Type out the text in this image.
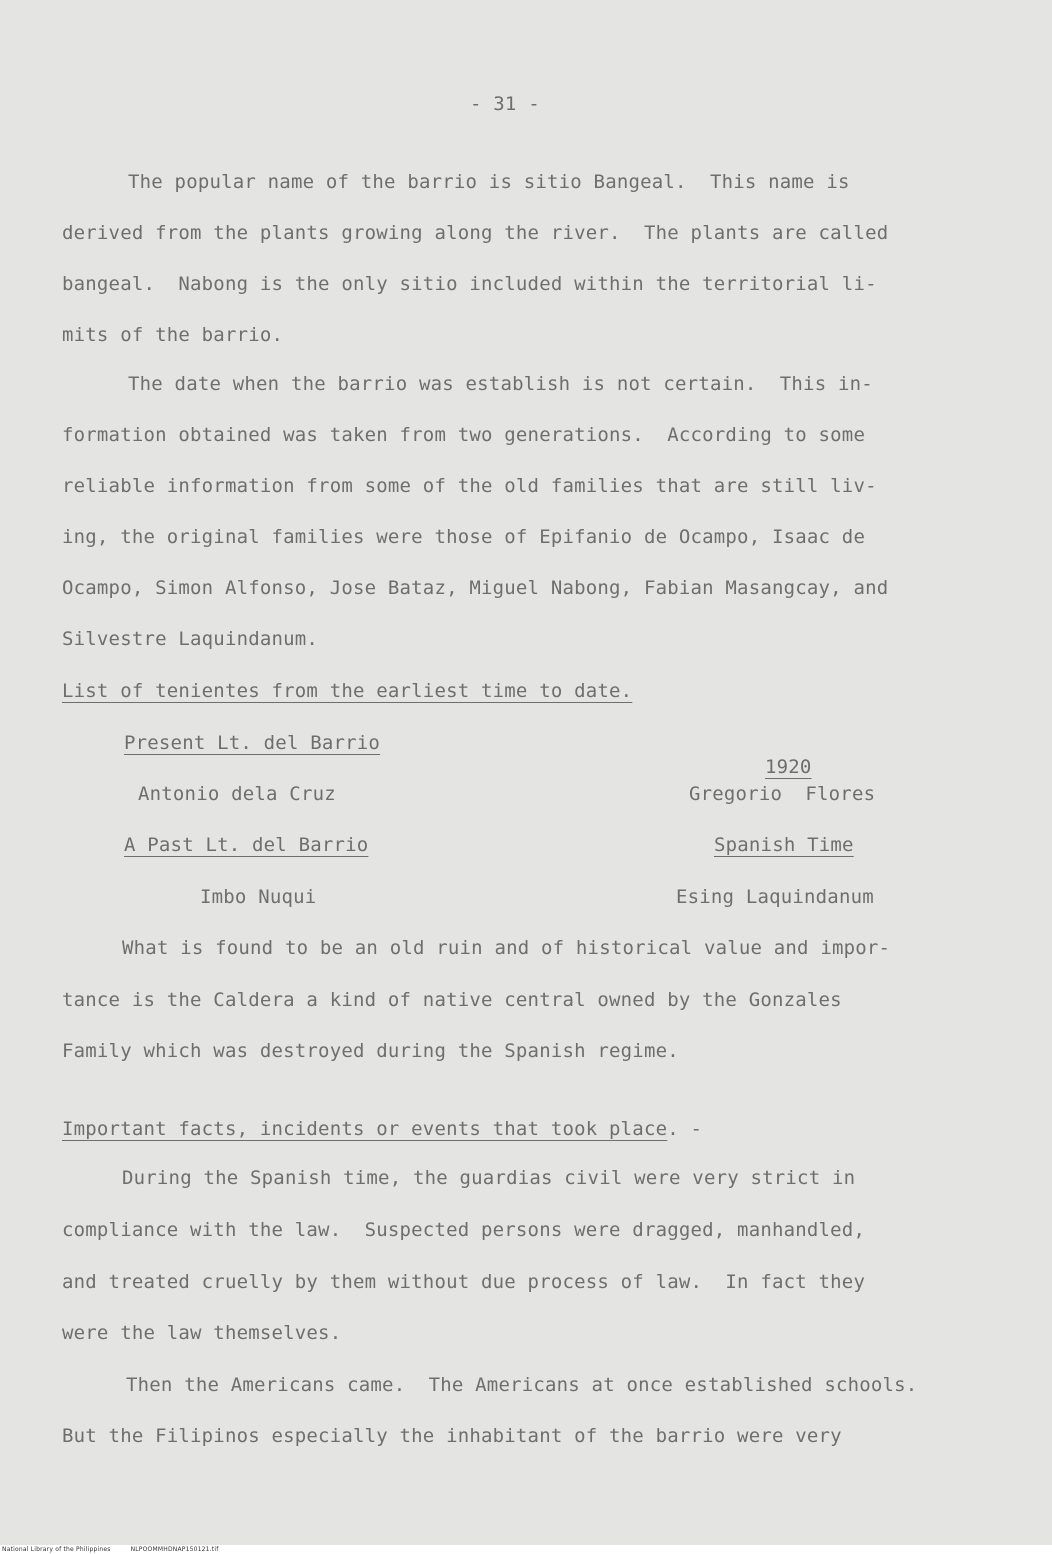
- 31 -
The popular name of the barrio is sitio Bangeal.  This name is
derived from the plants growing along the river.  The plants are called
bangeal.  Nabong is the only sitio included within the territorial li-
mits of the barrio.
The date when the barrio was establish is not certain.  This in-
formation obtained was taken from two generations.  According to some
reliable information from some of the old families that are still liv-
ing, the original families were those of Epifanio de Ocampo, Isaac de
Ocampo, Simon Alfonso, Jose Bataz, Miguel Nabong, Fabian Masangcay, and
Silvestre Laquindanum.
List of tenientes from the earliest time to date.
Present Lt. del Barrio
Antonio dela Cruz
1920
Gregorio  Flores
A Past Lt. del Barrio
Imbo Nuqui
Spanish Time
Esing Laquindanum
What is found to be an old ruin and of historical value and impor-
tance is the Caldera a kind of native central owned by the Gonzales
Family which was destroyed during the Spanish regime.
Important facts, incidents or events that took place. -
During the Spanish time, the guardias civil were very strict in
compliance with the law.  Suspected persons were dragged, manhandled,
and treated cruelly by them without due process of law.  In fact they
were the law themselves.
Then the Americans came.  The Americans at once established schools.
But the Filipinos especially the inhabitant of the barrio were very
National Library of the Philippines	NLPOOMMHDNAP150121.tif
